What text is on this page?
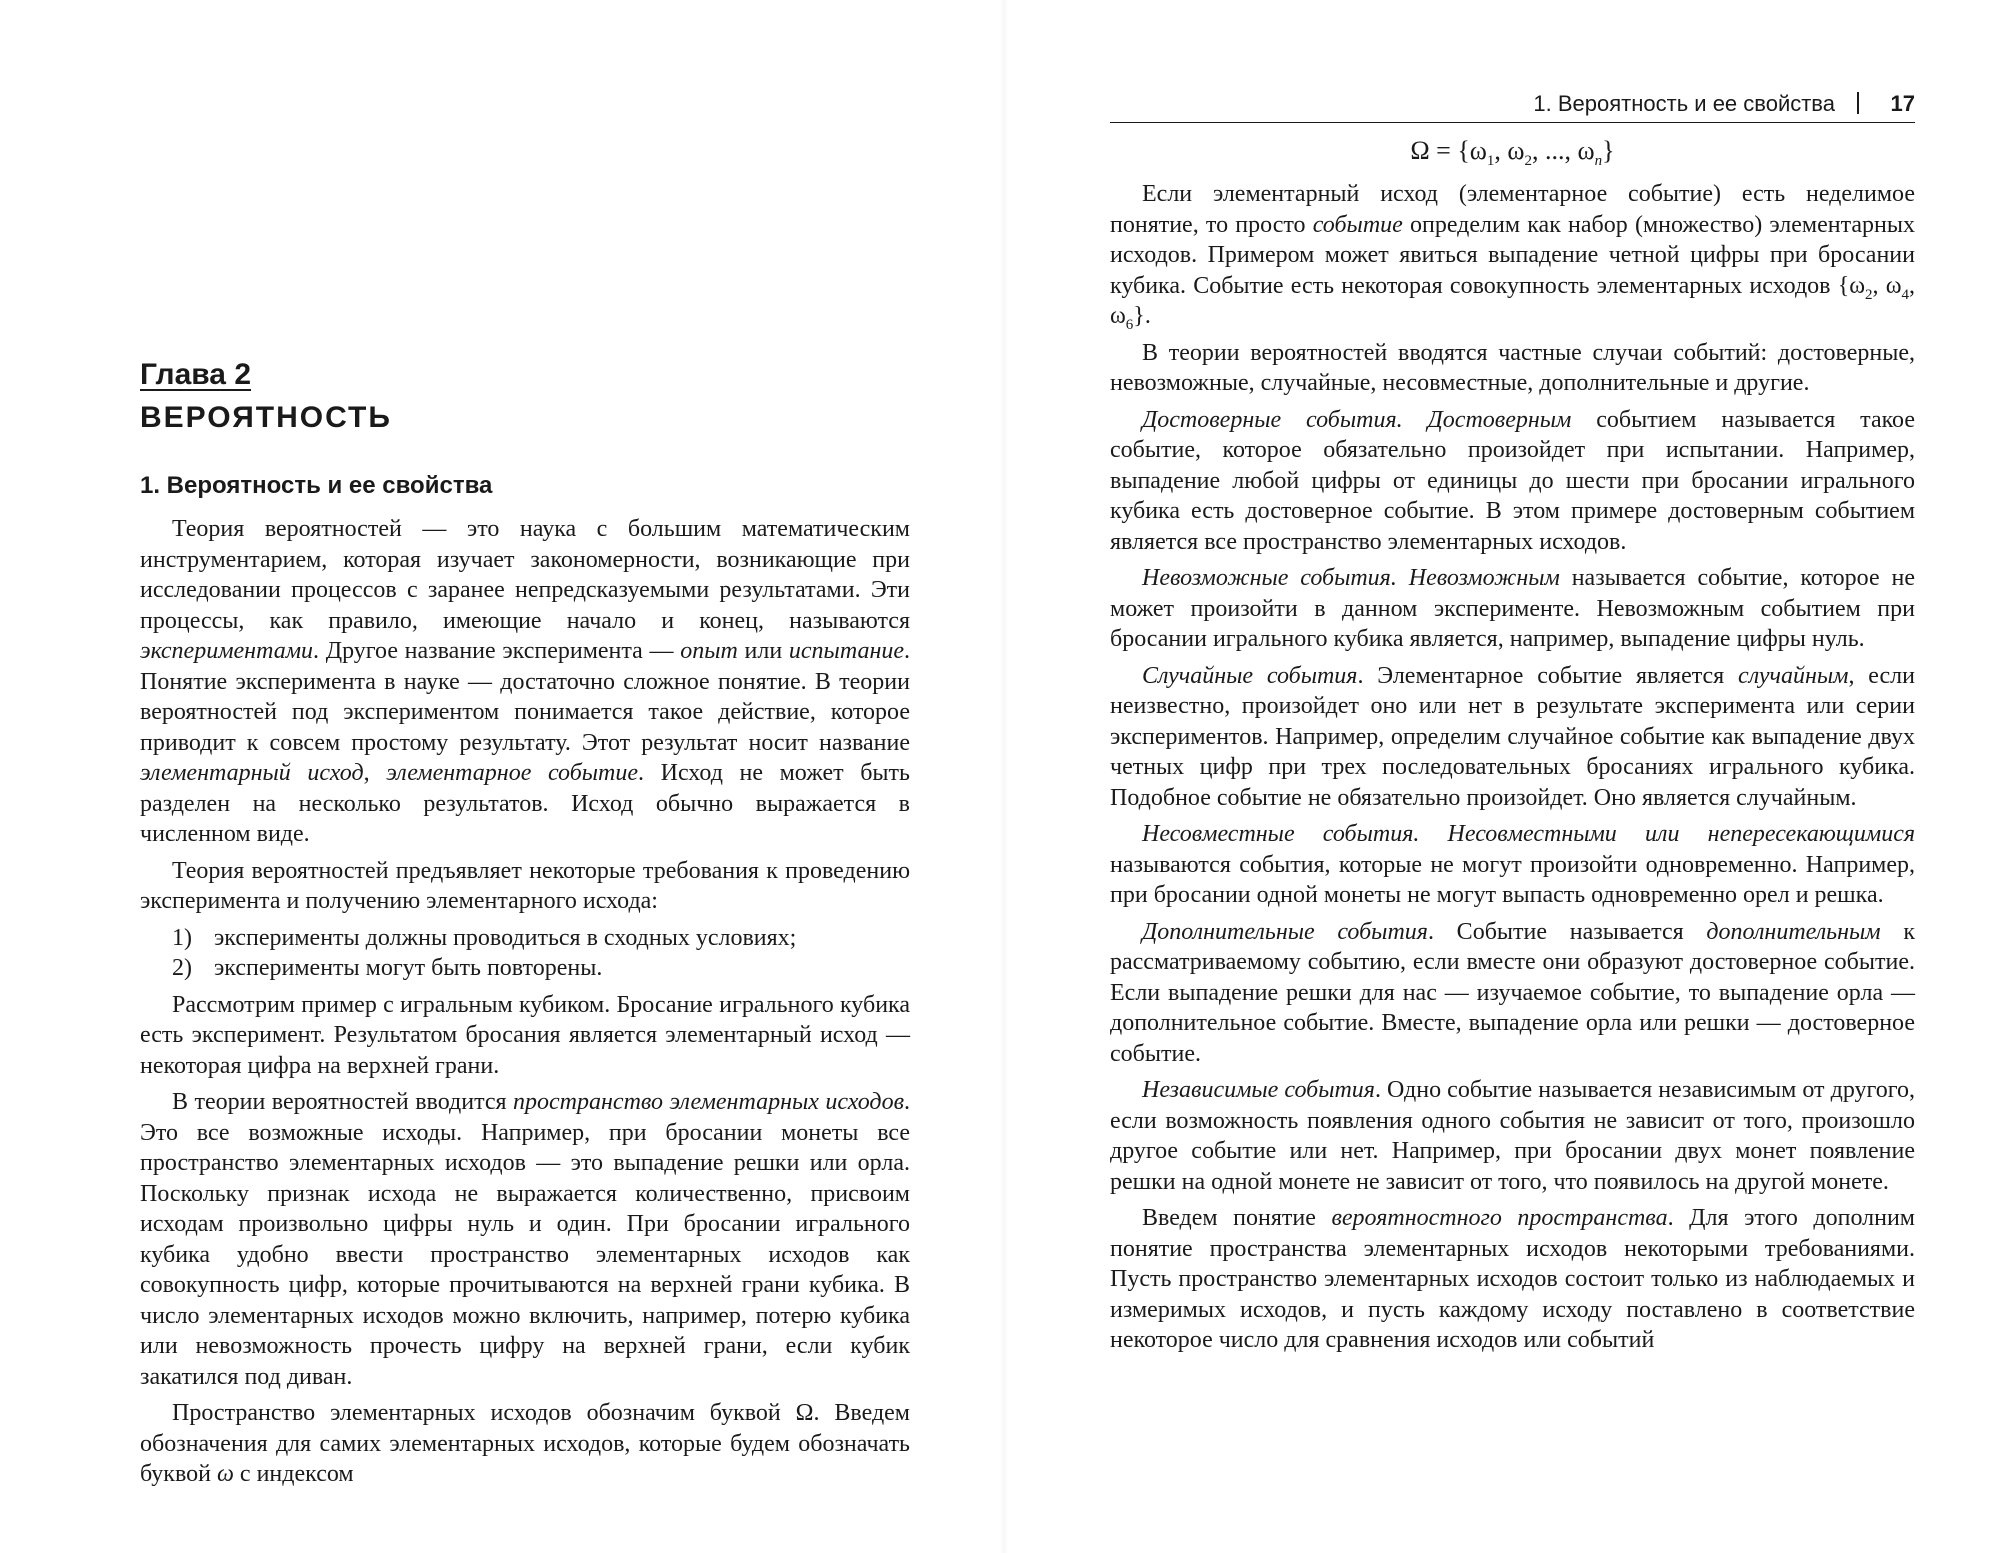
Глава 2
ВЕРОЯТНОСТЬ
1. Вероятность и ее свойства

Теория вероятностей — это наука с большим математическим инструментарием, которая изучает закономерности, возникающие при исследовании процессов с заранее непредсказуемыми результатами. Эти процессы, как правило, имеющие начало и конец, называются экспериментами. Другое название эксперимента — опыт или испытание. Понятие эксперимента в науке — достаточно сложное понятие. В теории вероятностей под экспериментом понимается такое действие, которое приводит к совсем простому результату. Этот результат носит название элементарный исход, элементарное событие. Исход не может быть разделен на несколько результатов. Исход обычно выражается в численном виде.

Теория вероятностей предъявляет некоторые требования к проведению эксперимента и получению элементарного исхода:

1) эксперименты должны проводиться в сходных условиях;

2) эксперименты могут быть повторены.

Рассмотрим пример с игральным кубиком. Бросание игрального кубика есть эксперимент. Результатом бросания является элементарный исход — некоторая цифра на верхней грани.

В теории вероятностей вводится пространство элементарных исходов. Это все возможные исходы. Например, при бросании монеты все пространство элементарных исходов — это выпадение решки или орла. Поскольку признак исхода не выражается количественно, присвоим исходам произвольно цифры нуль и один. При бросании игрального кубика удобно ввести пространство элементарных исходов как совокупность цифр, которые прочитываются на верхней грани кубика. В число элементарных исходов можно включить, например, потерю кубика или невозможность прочесть цифру на верхней грани, если кубик закатился под диван.

Пространство элементарных исходов обозначим буквой Ω. Введем обозначения для самих элементарных исходов, которые будем обозначать буквой ω с индексом

1. Вероятность и ее свойства	17
$\Omega = \{\omega_1$, $\omega_2$, ..., $\omega_n$}

Если элементарный исход (элементарное событие) есть неделимое понятие, то просто событие определим как набор (множество) элементарных исходов. Примером может явиться выпадение четной цифры при бросании кубика. Событие есть некоторая совокупность элементарных исходов {$\omega_2$, $\omega_4$, $\omega_6$}.

В теории вероятностей вводятся частные случаи событий: достоверные, невозможные, случайные, несовместные, дополнительные и другие.

Достоверные события. Достоверным событием называется такое событие, которое обязательно произойдет при испытании. Например, выпадение любой цифры от единицы до шести при бросании игрального кубика есть достоверное событие. В этом примере достоверным событием является все пространство элементарных исходов.

Невозможные события. Невозможным называется событие, которое не может произойти в данном эксперименте. Невозможным событием при бросании игрального кубика является, например, выпадение цифры нуль.

Случайные события. Элементарное событие является случайным, если неизвестно, произойдет оно или нет в результате эксперимента или серии экспериментов. Например, определим случайное событие как выпадение двух четных цифр при трех последовательных бросаниях игрального кубика. Подобное событие не обязательно произойдет. Оно является случайным.

Несовместные события. Несовместными или непересекающимися называются события, которые не могут произойти одновременно. Например, при бросании одной монеты не могут выпасть одновременно орел и решка.

Дополнительные события. Событие называется дополнительным к рассматриваемому событию, если вместе они образуют достоверное событие. Если выпадение решки для нас — изучаемое событие, то выпадение орла — дополнительное событие. Вместе, выпадение орла или решки — достоверное событие.

Независимые события. Одно событие называется независимым от другого, если возможность появления одного события не зависит от того, произошло другое событие или нет. Например, при бросании двух монет появление решки на одной монете не зависит от того, что появилось на другой монете.

Введем понятие вероятностного пространства. Для этого дополним понятие пространства элементарных исходов некоторыми требованиями. Пусть пространство элементарных исходов состоит только из наблюдаемых и измеримых исходов, и пусть каждому исходу поставлено в соответствие некоторое число для сравнения исходов или событий
